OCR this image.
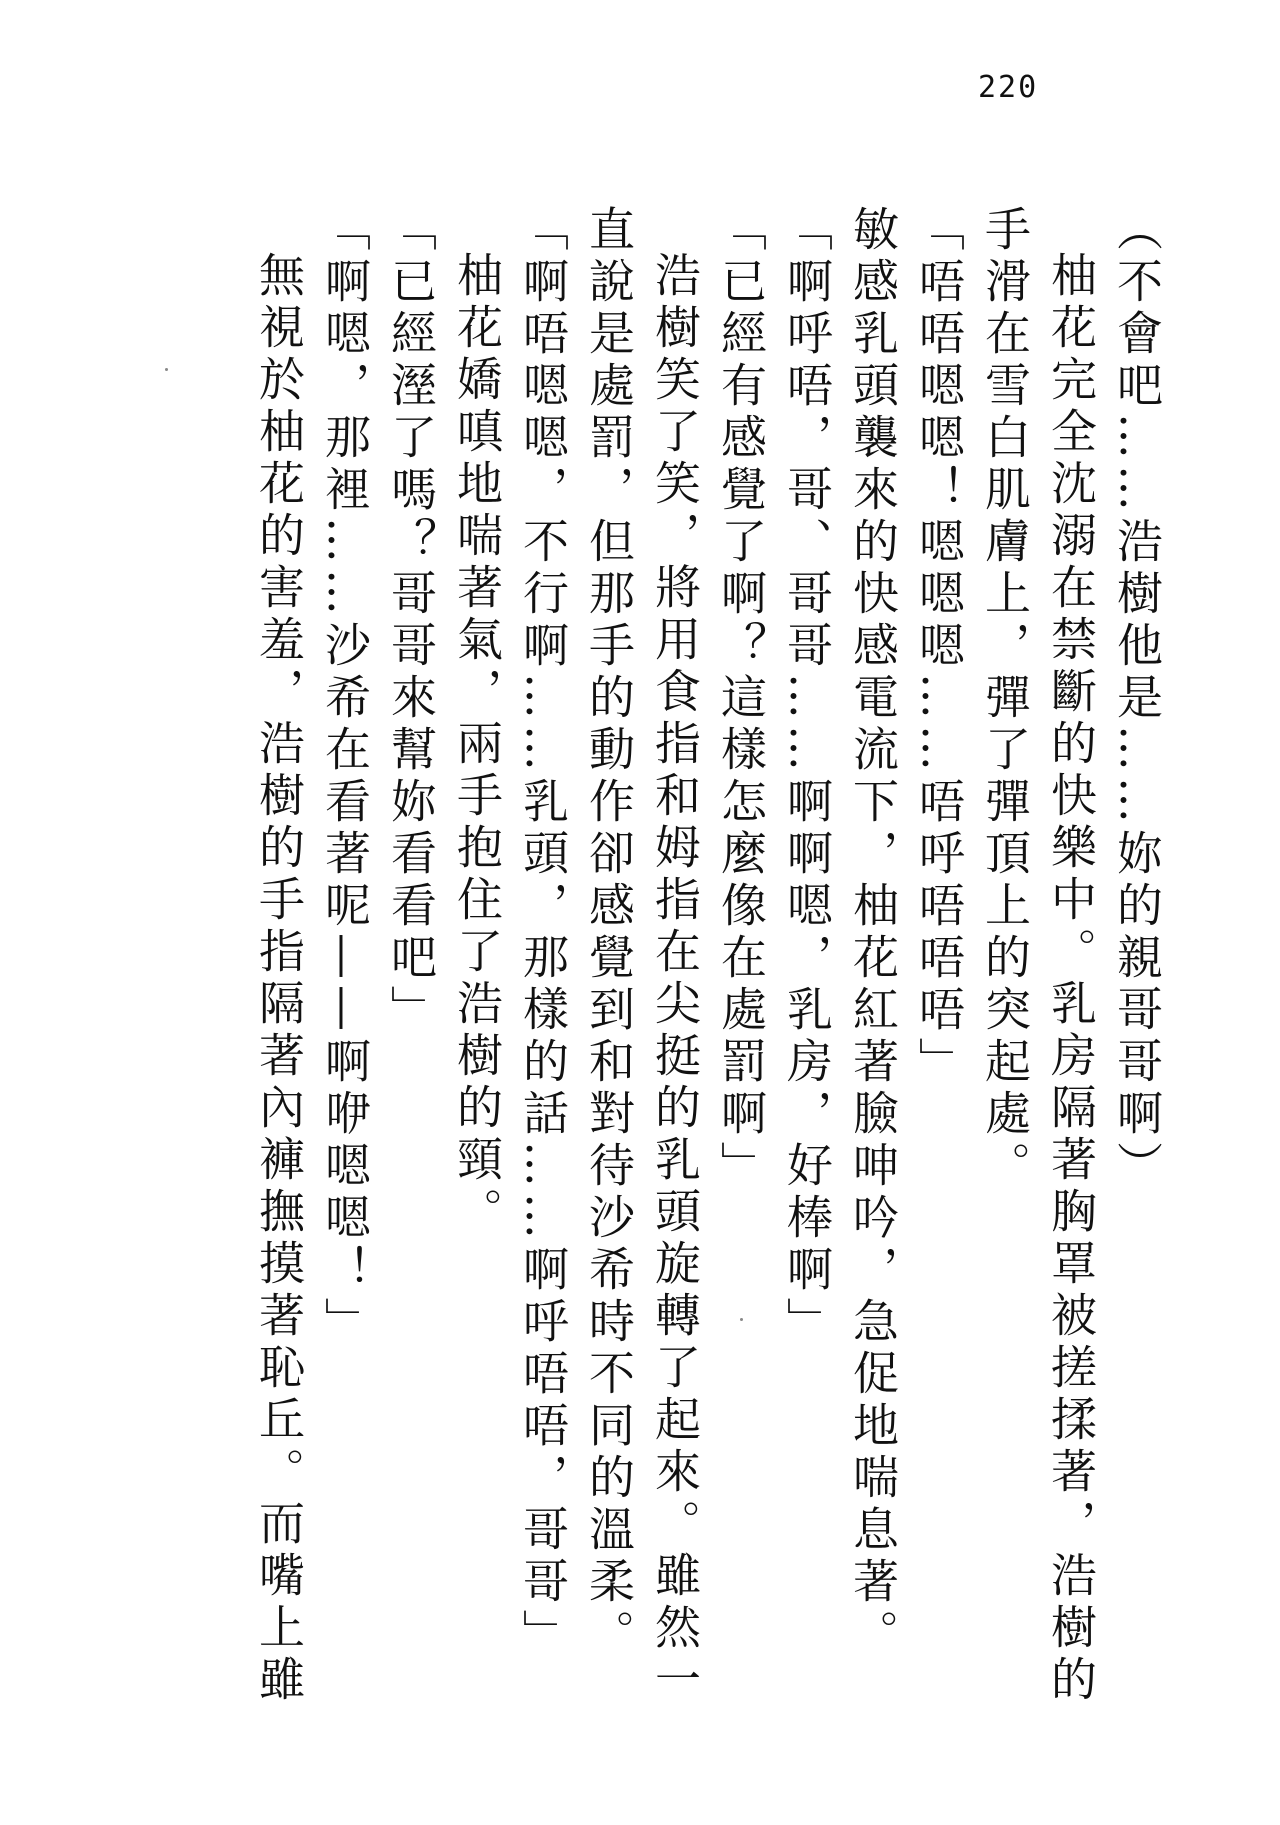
220

（不會吧……浩樹他是……妳的親哥哥啊）

柚花完全沈溺在禁斷的快樂中。乳房隔著胸罩被搓揉著，浩樹的

手滑在雪白肌膚上，彈了彈頂上的突起處。

「唔唔嗯嗯！嗯嗯嗯……唔呼唔唔唔」

敏感乳頭襲來的快感電流下，柚花紅著臉呻吟，急促地喘息著。

「啊呼唔，哥、哥哥……啊啊嗯，乳房，好棒啊」

「已經有感覺了啊？這樣怎麼像在處罰啊」

浩樹笑了笑，將用食指和姆指在尖挺的乳頭旋轉了起來。雖然一

直說是處罰，但那手的動作卻感覺到和對待沙希時不同的溫柔。

「啊唔嗯嗯，不行啊……乳頭，那樣的話……啊呼唔唔，哥哥」

柚花嬌嗔地喘著氣，兩手抱住了浩樹的頸。

「已經溼了嗎？哥哥來幫妳看看吧」

「啊嗯，那裡……沙希在看著呢——啊咿嗯嗯！」

無視於柚花的害羞，浩樹的手指隔著內褲撫摸著恥丘。而嘴上雖
